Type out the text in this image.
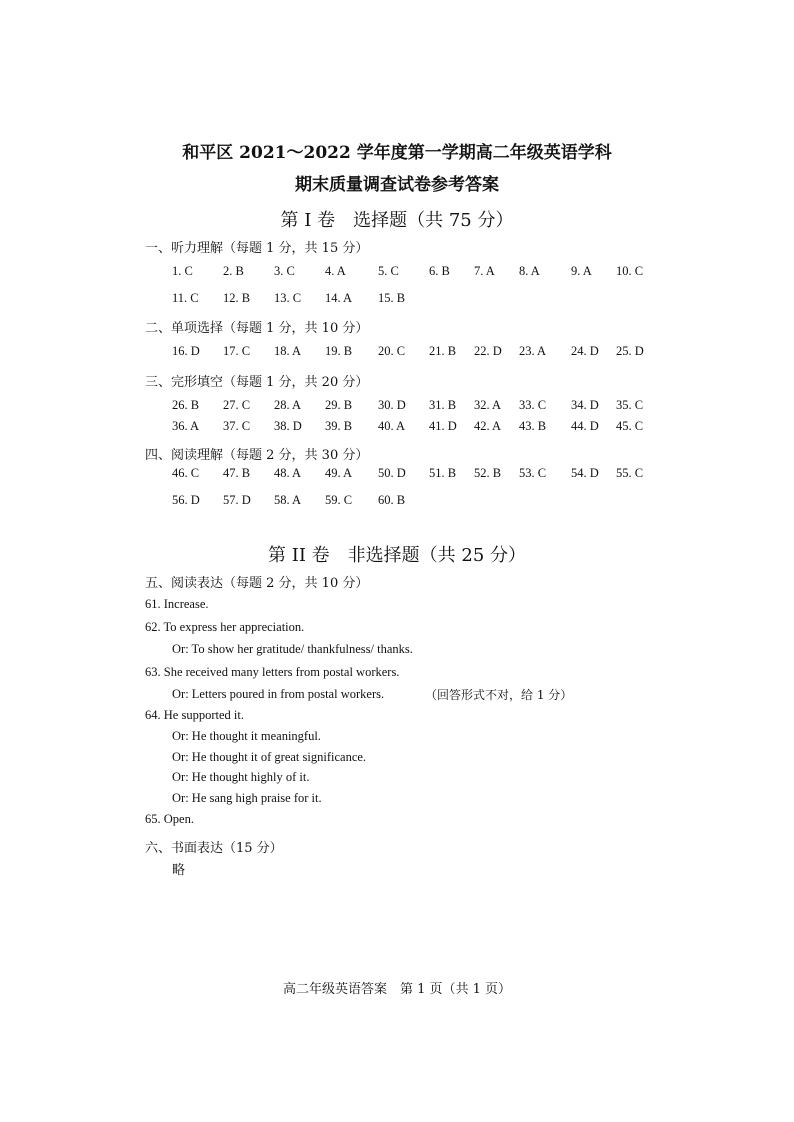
和平区 2021～2022 学年度第一学期高二年级英语学科
期末质量调查试卷参考答案
第 I 卷　选择题（共 75 分）
一、听力理解（每题 1 分，共 15 分）
1. C 2. B 3. C 4. A	5. C 6. B 7. A 8. A 9. A 10. C
11. C 12. B 13. C 14. A 15. B
二、单项选择（每题 1 分，共 10 分）
16. D 17. C 18. A 19. B 20. C 21. B 22. D 23. A 24. D 25. D
三、完形填空（每题 1 分，共 20 分）
26. B 27. C 28. A 29. B 30. D 31. B 32. A 33. C 34. D 35. C
36. A 37. C 38. D 39. B 40. A 41. D 42. A 43. B 44. D 45. C
四、阅读理解（每题 2 分，共 30 分）
46. C 47. B 48. A 49. A 50. D 51. B 52. B 53. C 54. D 55. C
56. D 57. D 58. A 59. C 60. B
第 II 卷　非选择题（共 25 分）
五、阅读表达（每题 2 分，共 10 分）
61. Increase.
62. To express her appreciation.
Or: To show her gratitude/ thankfulness/ thanks.
63. She received many letters from postal workers.
Or: Letters poured in from postal workers.	（回答形式不对，给 1 分）
64. He supported it.
Or: He thought it meaningful.
Or: He thought it of great significance.
Or: He thought highly of it.
Or: He sang high praise for it.
65. Open.
六、书面表达（15 分）
略
高二年级英语答案　第 1 页（共 1 页）
